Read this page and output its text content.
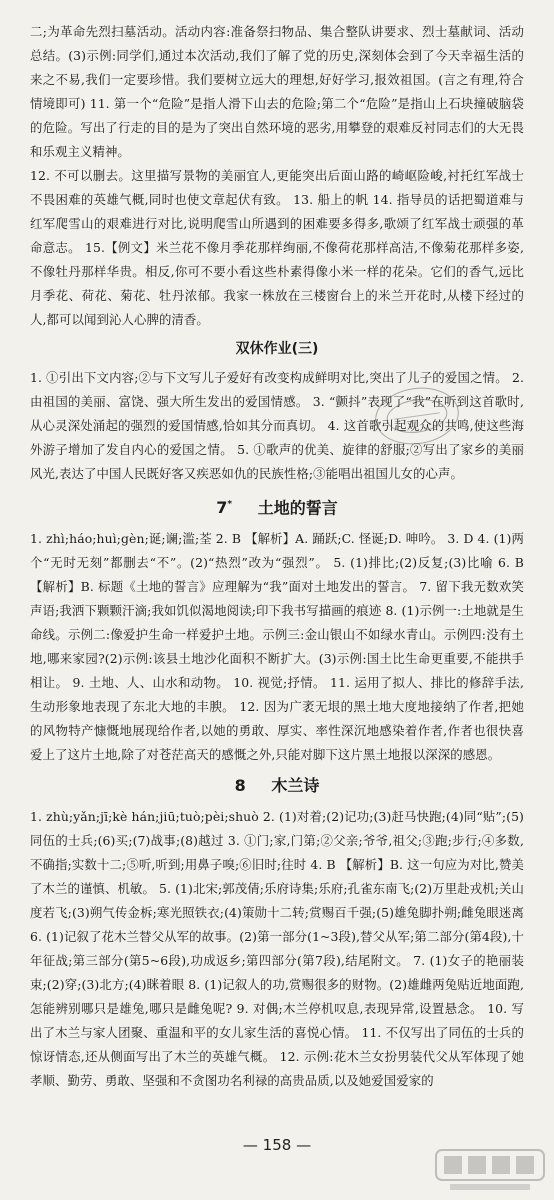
二;为革命先烈扫墓活动。活动内容:准备祭扫物品、集合整队讲要求、烈士墓献词、活动总结。(3)示例:同学们,通过本次活动,我们了解了党的历史,深刻体会到了今天幸福生活的来之不易,我们一定要珍惜。我们要树立远大的理想,好好学习,报效祖国。(言之有理,符合情境即可) 11. 第一个“危险”是指人滑下山去的危险;第二个“危险”是指山上石块撞破脑袋的危险。写出了行走的目的是为了突出自然环境的恶劣,用攀登的艰难反衬同志们的大无畏和乐观主义精神。

12. 不可以删去。这里描写景物的美丽宜人,更能突出后面山路的崎岖险峻,衬托红军战士不畏困难的英雄气概,同时也使文章起伏有致。 13. 船上的帆 14. 指导员的话把蜀道难与红军爬雪山的艰难进行对比,说明爬雪山所遇到的困难要多得多,歌颂了红军战士顽强的革命意志。 15.【例文】米兰花不像月季花那样绚丽,不像荷花那样高洁,不像菊花那样多姿,不像牡丹那样华贵。相反,你可不要小看这些朴素得像小米一样的花朵。它们的香气,远比月季花、荷花、菊花、牡丹浓郁。我家一株放在三楼窗台上的米兰开花时,从楼下经过的人,都可以闻到沁人心脾的清香。

双休作业(三)

1. ①引出下文内容;②与下文写儿子爱好有改变构成鲜明对比,突出了儿子的爱国之情。 2. 由祖国的美丽、富饶、强大所生发出的爱国情感。 3. “颤抖”表现了“我”在听到这首歌时,从心灵深处涌起的强烈的爱国情感,恰如其分而真切。 4. 这首歌引起观众的共鸣,使这些海外游子增加了发自内心的爱国之情。 5. ①歌声的优美、旋律的舒服;②写出了家乡的美丽风光,表达了中国人民既好客又疾恶如仇的民族性格;③能唱出祖国儿女的心声。

7* 土地的誓言

1. zhì;háo;huì;gèn;诞;谰;滥;荃 2. B 【解析】A. 踊跃;C. 怪诞;D. 呻吟。 3. D 4. (1)两个“无时无刻”都删去“不”。(2)“热烈”改为“强烈”。 5. (1)排比;(2)反复;(3)比喻 6. B 【解析】B. 标题《土地的誓言》应理解为“我”面对土地发出的誓言。 7. 留下我无数欢笑声语;我洒下颗颗汗滴;我如饥似渴地阅读;印下我书写描画的痕迹 8. (1)示例一:土地就是生命线。示例二:像爱护生命一样爱护土地。示例三:金山银山不如绿水青山。示例四:没有土地,哪来家园?(2)示例:该县土地沙化面积不断扩大。(3)示例:国土比生命更重要,不能拱手相让。 9. 土地、人、山水和动物。 10. 视觉;抒情。 11. 运用了拟人、排比的修辞手法,生动形象地表现了东北大地的丰腴。 12. 因为广袤无垠的黑土地大度地接纳了作者,把她的风物特产慷慨地展现给作者,以她的勇敢、厚实、率性深沉地感染着作者,作者也很快喜爱上了这片土地,除了对苍茫高天的感慨之外,只能对脚下这片黑土地报以深深的感恩。

8 木兰诗

1. zhù;yǎn;jī;kè hán;jiū;tuò;pèi;shuò 2. (1)对着;(2)记功;(3)赶马快跑;(4)同“贴”;(5)同伍的士兵;(6)买;(7)战事;(8)越过 3. ①门;家,门第;②父亲;爷爷,祖父;③跑;步行;④多数,不确指;实数十二;⑤听,听到;用鼻子嗅;⑥旧时;往时 4. B 【解析】B. 这一句应为对比,赞美了木兰的谨慎、机敏。 5. (1)北宋;郭茂倩;乐府诗集;乐府;孔雀东南飞;(2)万里赴戎机;关山度若飞;(3)朔气传金柝;寒光照铁衣;(4)策勋十二转;赏赐百千强;(5)雄兔脚扑朔;雌兔眼迷离 6. (1)记叙了花木兰替父从军的故事。(2)第一部分(1~3段),替父从军;第二部分(第4段),十年征战;第三部分(第5~6段),功成返乡;第四部分(第7段),结尾附文。 7. (1)女子的艳丽装束;(2)穿;(3)北方;(4)眯着眼 8. (1)记叙人的功,赏赐很多的财物。(2)雄雌两兔贴近地面跑,怎能辨别哪只是雄兔,哪只是雌兔呢? 9. 对偶;木兰停机叹息,表现异常,设置悬念。 10. 写出了木兰与家人团聚、重温和平的女儿家生活的喜悦心情。 11. 不仅写出了同伍的士兵的惊讶情态,还从侧面写出了木兰的英雄气概。 12. 示例:花木兰女扮男装代父从军体现了她孝顺、勤劳、勇敢、坚强和不贪图功名利禄的高贵品质,以及她爱国爱家的

— 158 —
